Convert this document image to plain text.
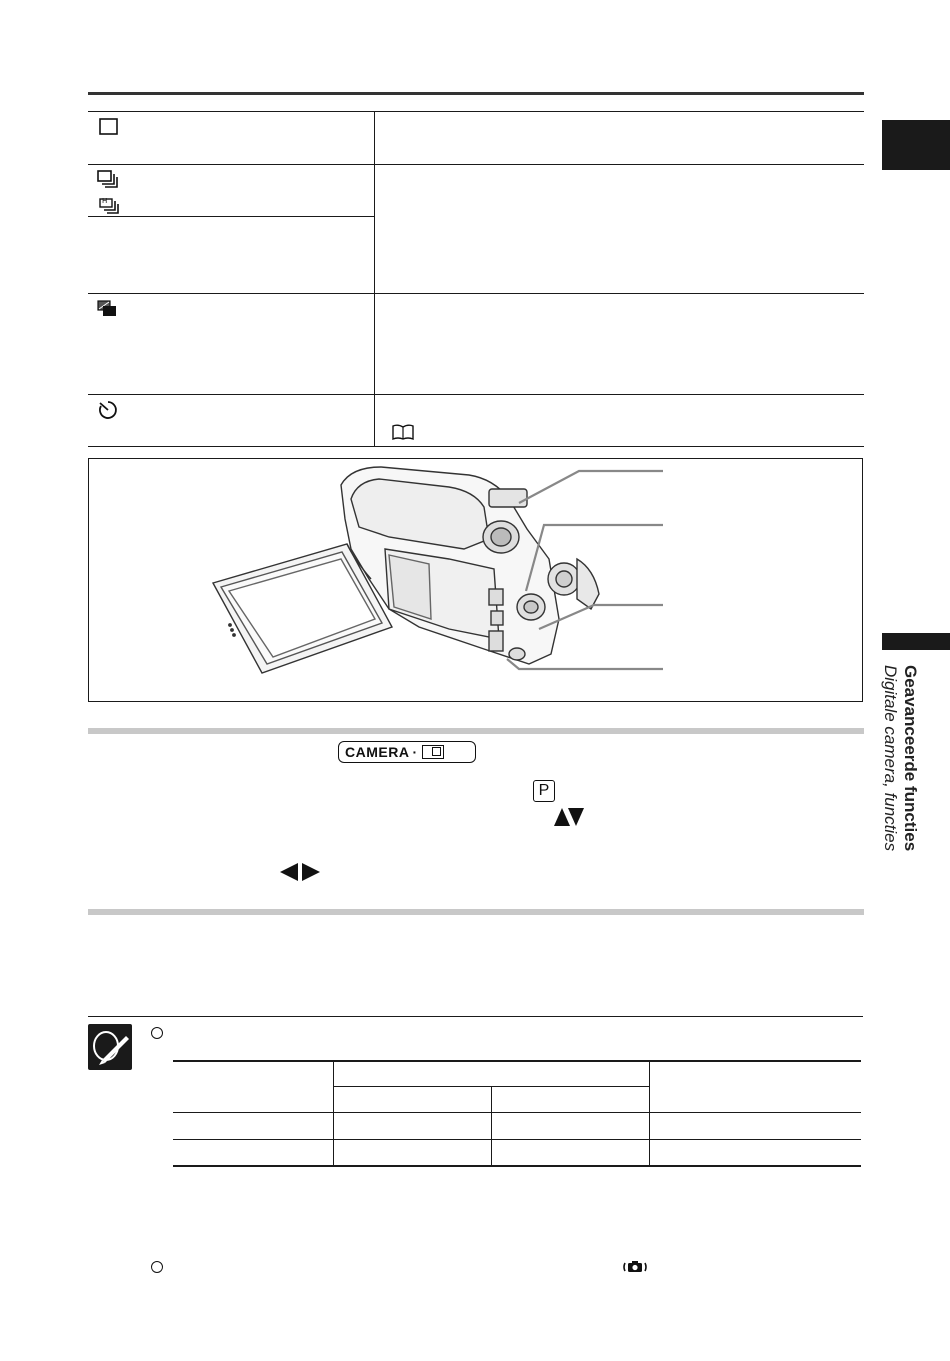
Geavanceerde functies
Digitale camera, functies
H
CAMERA ·
P
